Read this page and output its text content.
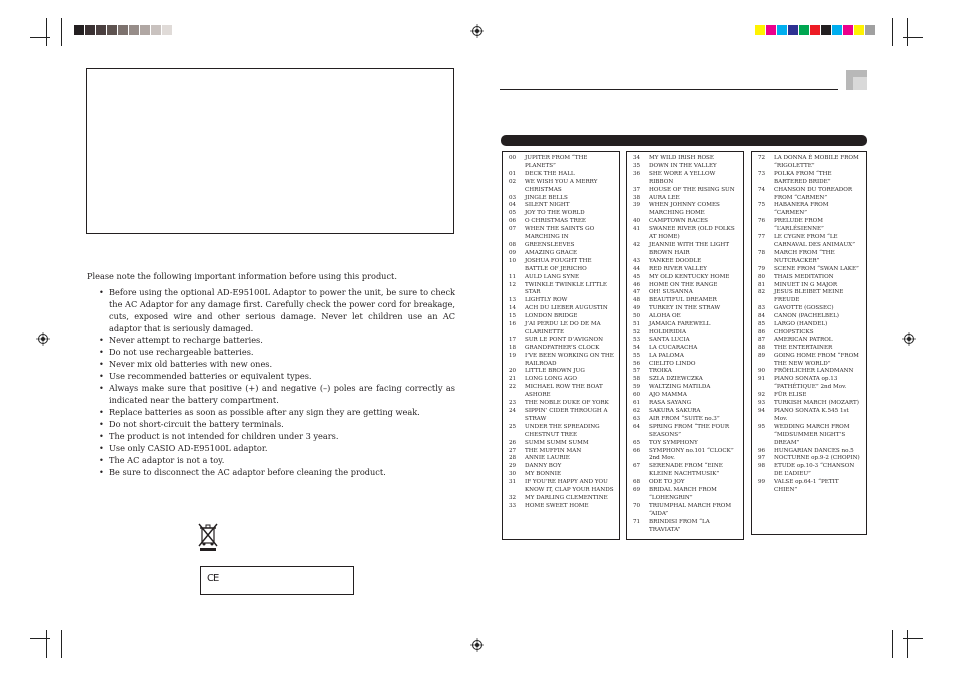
Please note the following important information before using this product.

• Before using the optional AD-E95100L Adaptor to power the unit, be sure to check the AC Adaptor for any damage first. Carefully check the power cord for breakage, cuts, exposed wire and other serious damage. Never let children use an AC adaptor that is seriously damaged.
• Never attempt to recharge batteries.
• Do not use rechargeable batteries.
• Never mix old batteries with new ones.
• Use recommended batteries or equivalent types.
• Always make sure that positive (+) and negative (–) poles are facing correctly as indicated near the battery compartment.
• Replace batteries as soon as possible after any sign they are getting weak.
• Do not short-circuit the battery terminals.
• The product is not intended for children under 3 years.
• Use only CASIO AD-E95100L adaptor.
• The AC adaptor is not a toy.
• Be sure to disconnect the AC adaptor before cleaning the product.
CE
00	JUPITER FROM “THE PLANETS”
01	DECK THE HALL
02	WE WISH YOU A MERRY CHRISTMAS
03	JINGLE BELLS
04	SILENT NIGHT
05	JOY TO THE WORLD
06	O CHRISTMAS TREE
07	WHEN THE SAINTS GO MARCHING IN
08	GREENSLEEVES
09	AMAZING GRACE
10	JOSHUA FOUGHT THE BATTLE OF JERICHO
11	AULD LANG SYNE
12	TWINKLE TWINKLE LITTLE STAR
13	LIGHTLY ROW
14	ACH DU LIEBER AUGUSTIN
15	LONDON BRIDGE
16	J’AI PERDU LE DO DE MA CLARINETTE
17	SUR LE PONT D’AVIGNON
18	GRANDFATHER’S CLOCK
19	I’VE BEEN WORKING ON THE RAILROAD
20	LITTLE BROWN JUG
21	LONG LONG AGO
22	MICHAEL ROW THE BOAT ASHORE
23	THE NOBLE DUKE OF YORK
24	SIPPIN’ CIDER THROUGH A STRAW
25	UNDER THE SPREADING CHESTNUT TREE
26	SUMM SUMM SUMM
27	THE MUFFIN MAN
28	ANNIE LAURIE
29	DANNY BOY
30	MY BONNIE
31	IF YOU’RE HAPPY AND YOU KNOW IT, CLAP YOUR HANDS
32	MY DARLING CLEMENTINE
33	HOME SWEET HOME
34	MY WILD IRISH ROSE
35	DOWN IN THE VALLEY
36	SHE WORE A YELLOW RIBBON
37	HOUSE OF THE RISING SUN
38	AURA LEE
39	WHEN JOHNNY COMES MARCHING HOME
40	CAMPTOWN RACES
41	SWANEE RIVER (OLD FOLKS AT HOME)
42	JEANNIE WITH THE LIGHT BROWN HAIR
43	YANKEE DOODLE
44	RED RIVER VALLEY
45	MY OLD KENTUCKY HOME
46	HOME ON THE RANGE
47	OH! SUSANNA
48	BEAUTIFUL DREAMER
49	TURKEY IN THE STRAW
50	ALOHA OE
51	JAMAICA FAREWELL
52	HOLDIRIDIA
53	SANTA LUCIA
54	LA CUCARACHA
55	LA PALOMA
56	CIELITO LINDO
57	TROIKA
58	SZLA DZIEWCZKA
59	WALTZING MATILDA
60	AJO MAMMA
61	RASA SAYANG
62	SAKURA SAKURA
63	AIR FROM “SUITE no.3”
64	SPRING FROM “THE FOUR SEASONS”
65	TOY SYMPHONY
66	SYMPHONY no.101 “CLOCK” 2nd Mov.
67	SERENADE FROM “EINE KLEINE NACHTMUSIK”
68	ODE TO JOY
69	BRIDAL MARCH FROM “LOHENGRIN”
70	TRIUMPHAL MARCH FROM “AIDA”
71	BRINDISI FROM “LA TRAVIATA”
72	LA DONNA È MOBILE FROM “RIGOLETTE”
73	POLKA FROM “THE BARTERED BRIDE”
74	CHANSON DU TOREADOR FROM “CARMEN”
75	HABANERA FROM “CARMEN”
76	PRELUDE FROM “L’ARLÉSIENNE”
77	LE CYGNE FROM “LE CARNAVAL DES ANIMAUX”
78	MARCH FROM “THE NUTCRACKER”
79	SCENE FROM “SWAN LAKE”
80	THAIS MEDITATION
81	MINUET IN G MAJOR
82	JESUS BLEIBET MEINE FREUDE
83	GAVOTTE (GOSSEC)
84	CANON (PACHELBEL)
85	LARGO (HANDEL)
86	CHOPSTICKS
87	AMERICAN PATROL
88	THE ENTERTAINER
89	GOING HOME FROM “FROM THE NEW WORLD”
90	FRÖHLICHER LANDMANN
91	PIANO SONATA op.13 “PATHÉTIQUE” 2nd Mov.
92	FÜR ELISE
93	TURKISH MARCH (MOZART)
94	PIANO SONATA K.545 1st Mov.
95	WEDDING MARCH FROM “MIDSUMMER NIGHT’S DREAM”
96	HUNGARIAN DANCES no.5
97	NOCTURNE op.9-2 (CHOPIN)
98	ETUDE op.10-3 “CHANSON DE L’ADIEU”
99	VALSE op.64-1 “PETIT CHIEN”
